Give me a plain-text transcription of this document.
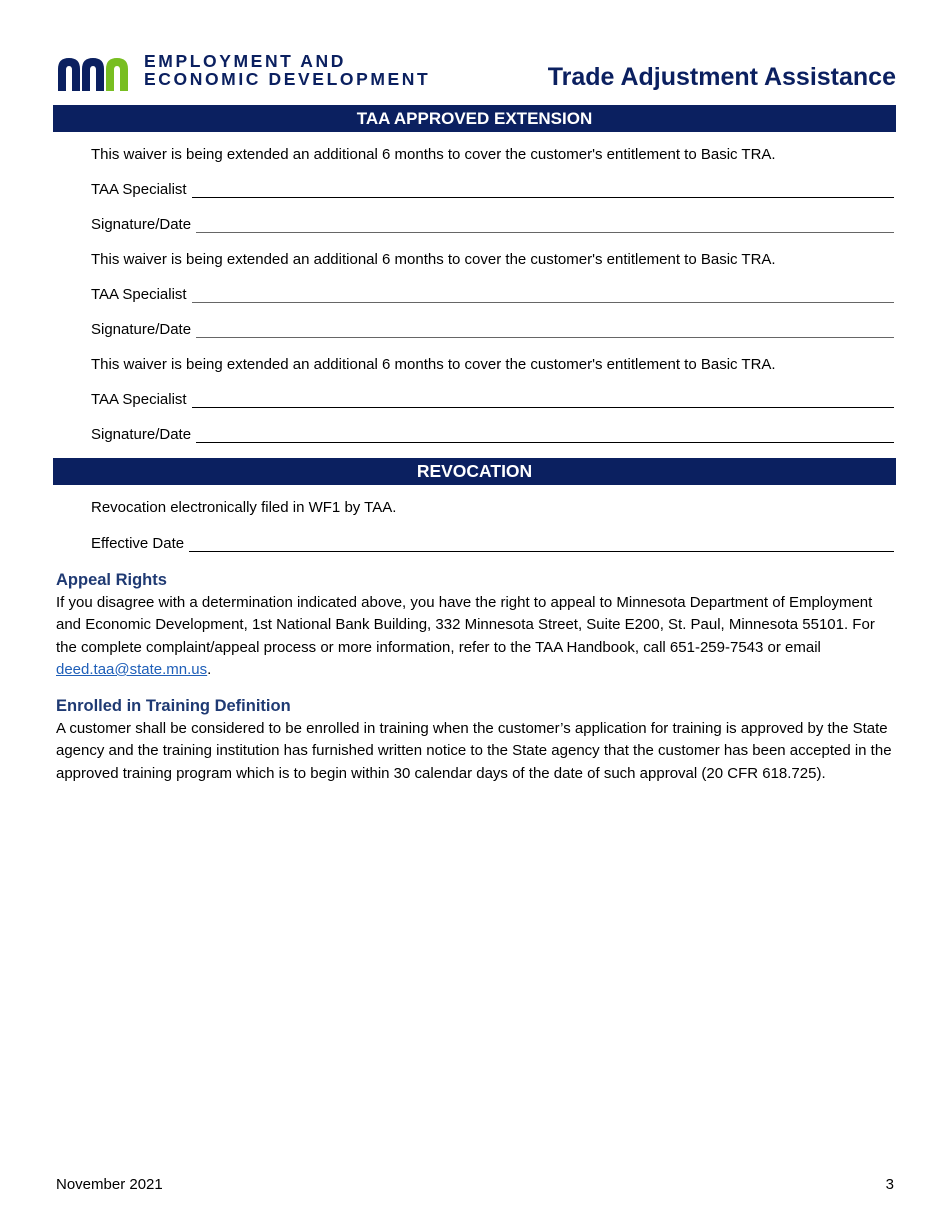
EMPLOYMENT AND
ECONOMIC DEVELOPMENT	Trade Adjustment Assistance
TAA APPROVED EXTENSION
This waiver is being extended an additional 6 months to cover the customer's entitlement to Basic TRA.
TAA Specialist
Signature/Date
This waiver is being extended an additional 6 months to cover the customer's entitlement to Basic TRA.
TAA Specialist
Signature/Date
This waiver is being extended an additional 6 months to cover the customer's entitlement to Basic TRA.
TAA Specialist
Signature/Date
REVOCATION
Revocation electronically filed in WF1 by TAA.
Effective Date
Appeal Rights
If you disagree with a determination indicated above, you have the right to appeal to Minnesota Department of Employment and Economic Development, 1st National Bank Building, 332 Minnesota Street, Suite E200, St. Paul, Minnesota 55101. For the complete complaint/appeal process or more information, refer to the TAA Handbook, call 651-259-7543 or email deed.taa@state.mn.us.
Enrolled in Training Definition
A customer shall be considered to be enrolled in training when the customer’s application for training is approved by the State agency and the training institution has furnished written notice to the State agency that the customer has been accepted in the approved training program which is to begin within 30 calendar days of the date of such approval (20 CFR 618.725).
November 2021	3
